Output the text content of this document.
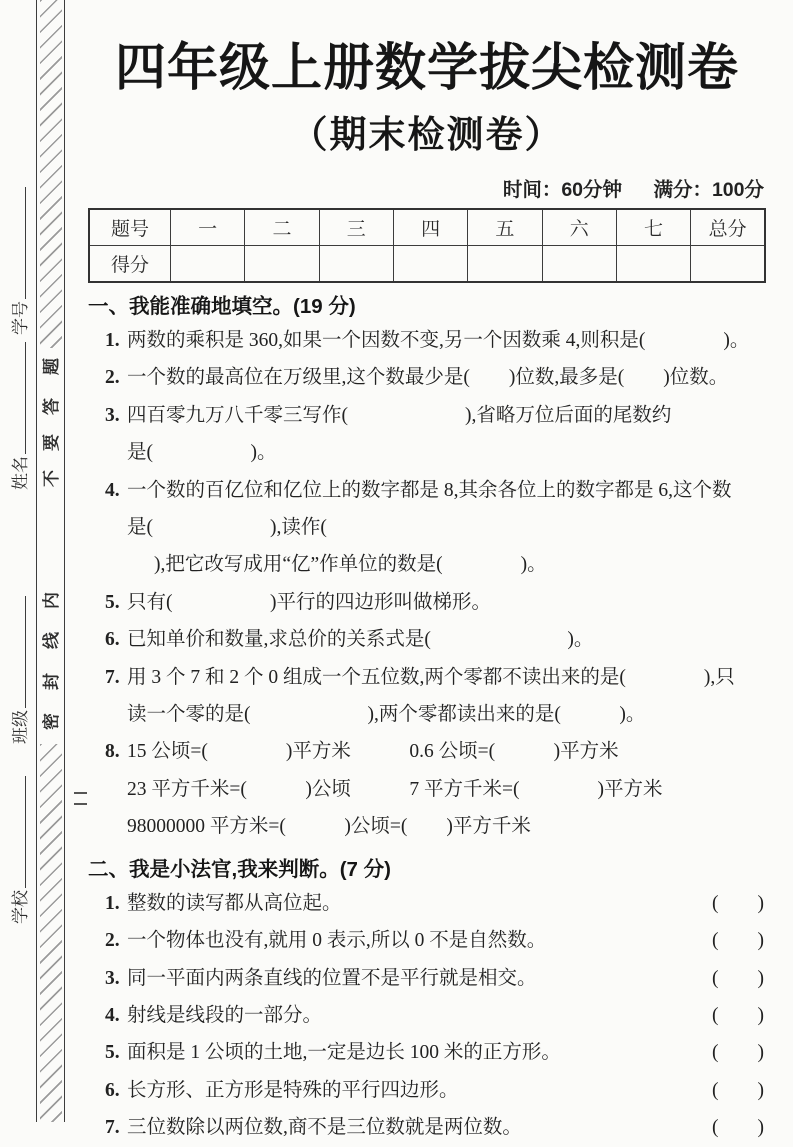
题
答
要
不
内
线
封
密
学号
姓名
班级
学校
四年级上册数学拔尖检测卷
（期末检测卷）
时间：60分钟 满分：100分
题号	一	二	三	四	五	六	七	总分
得分								
一、我能准确地填空。(19 分)
1. 两数的乘积是 360,如果一个因数不变,另一个因数乘 4,则积是(　　　　)。
2. 一个数的最高位在万级里,这个数最少是(　　)位数,最多是(　　)位数。
3. 四百零九万八千零三写作(　　　　　　),省略万位后面的尾数约
是(　　　　　)。
4. 一个数的百亿位和亿位上的数字都是 8,其余各位上的数字都是 6,这个数
是(　　　　　　),读作(
),把它改写成用“亿”作单位的数是(　　　　)。
5. 只有(　　　　　)平行的四边形叫做梯形。
6. 已知单价和数量,求总价的关系式是(　　　　　　　)。
7. 用 3 个 7 和 2 个 0 组成一个五位数,两个零都不读出来的是(　　　　),只
读一个零的是(　　　　　　),两个零都读出来的是(　　　)。
8. 15 公顷=(　　　　)平方米　　　0.6 公顷=(　　　)平方米
23 平方千米=(　　　)公顷　　　7 平方千米=(　　　　)平方米
98000000 平方米=(　　　)公顷=(　　)平方千米
二、我是小法官,我来判断。(7 分)
1. 整数的读写都从高位起。	(　　)
2. 一个物体也没有,就用 0 表示,所以 0 不是自然数。	(　　)
3. 同一平面内两条直线的位置不是平行就是相交。	(　　)
4. 射线是线段的一部分。	(　　)
5. 面积是 1 公顷的土地,一定是边长 100 米的正方形。	(　　)
6. 长方形、正方形是特殊的平行四边形。	(　　)
7. 三位数除以两位数,商不是三位数就是两位数。	(　　)
